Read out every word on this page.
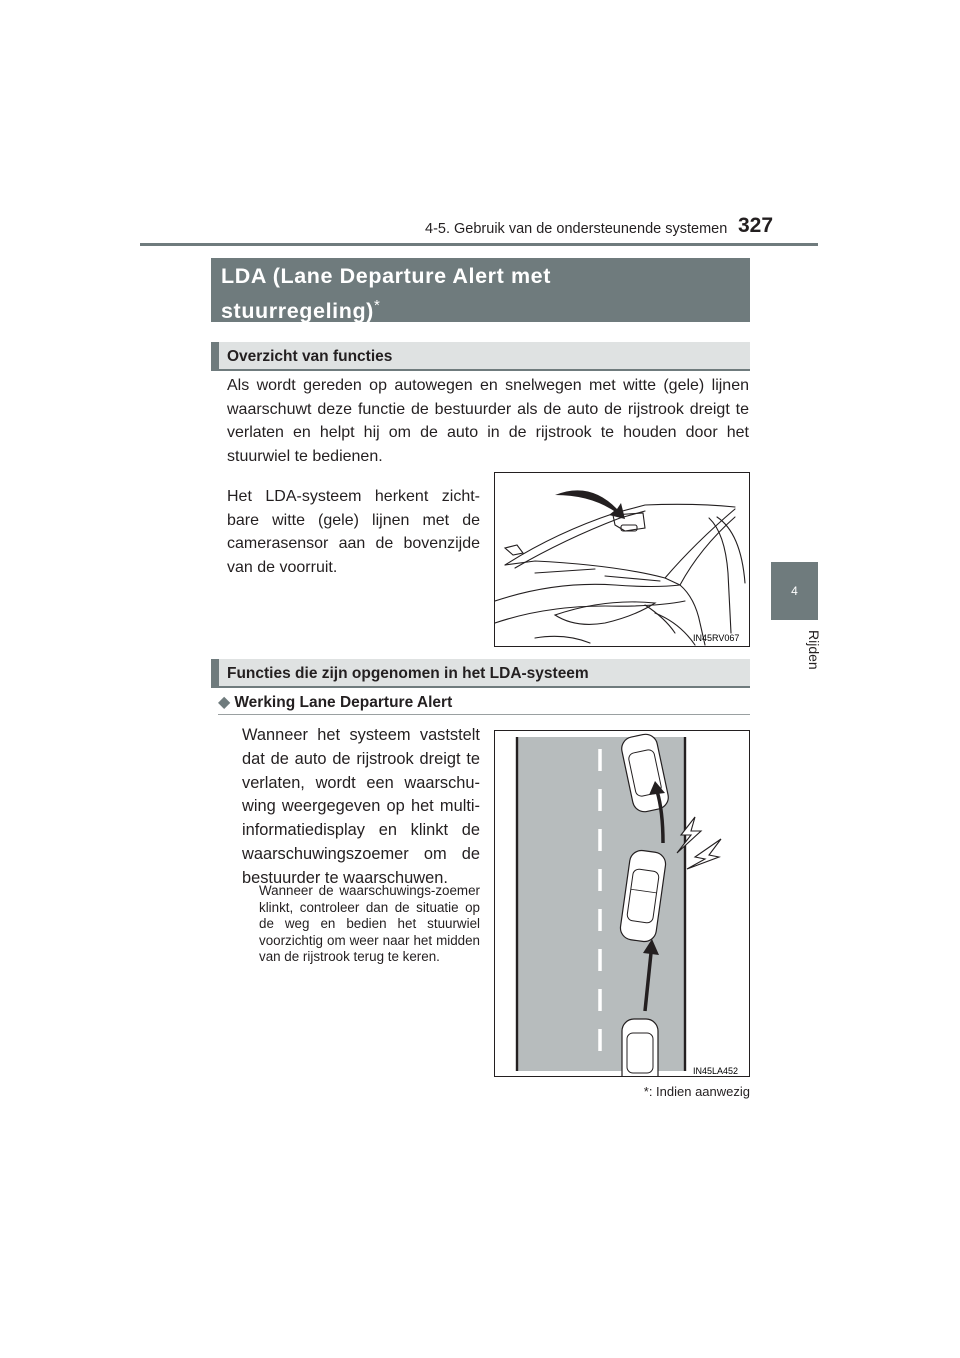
4-5. Gebruik van de ondersteunende systemen 327
4
Rijden
LDA (Lane Departure Alert met
stuurregeling)*
Overzicht van functies
Als wordt gereden op autowegen en snelwegen met witte (gele) lijnen waarschuwt deze functie de bestuurder als de auto de rijstrook dreigt te verlaten en helpt hij om de auto in de rijstrook te houden door het stuurwiel te bedienen.
Het LDA-systeem herkent zicht-bare witte (gele) lijnen met de camerasensor aan de bovenzijde van de voorruit.
IN45RV067
Functies die zijn opgenomen in het LDA-systeem
◆ Werking Lane Departure Alert
Wanneer het systeem vaststelt dat de auto de rijstrook dreigt te verlaten, wordt een waarschu-wing weergegeven op het multi-informatiedisplay en klinkt de waarschuwingszoemer om de bestuurder te waarschuwen.
Wanneer de waarschuwings-zoemer klinkt, controleer dan de situatie op de weg en bedien het stuurwiel voorzichtig om weer naar het midden van de rijstrook terug te keren.
IN45LA452
*: Indien aanwezig
